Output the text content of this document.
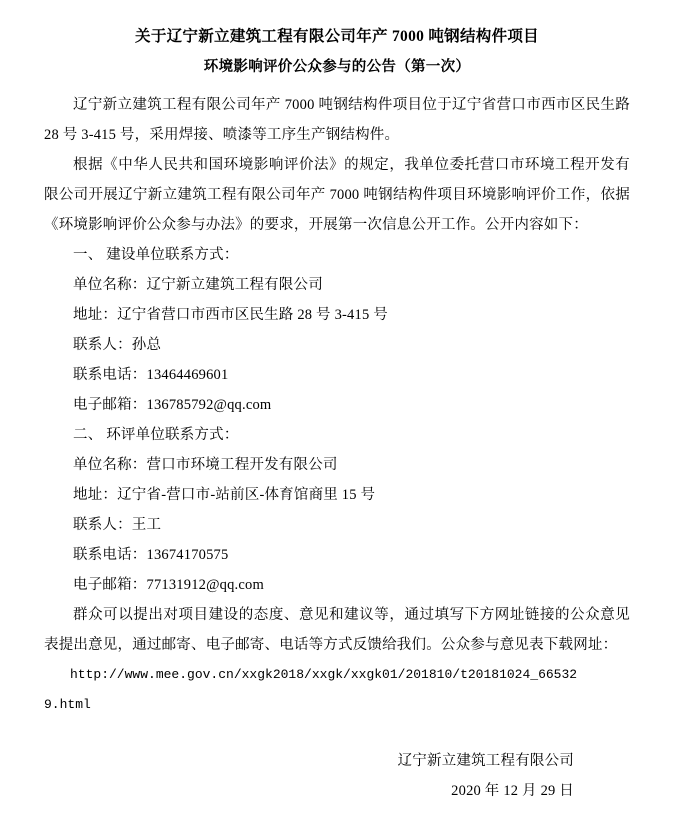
关于辽宁新立建筑工程有限公司年产 7000 吨钢结构件项目
环境影响评价公众参与的公告（第一次）

辽宁新立建筑工程有限公司年产 7000 吨钢结构件项目位于辽宁省营口市西市区民生路 28 号 3-415 号，采用焊接、喷漆等工序生产钢结构件。

根据《中华人民共和国环境影响评价法》的规定，我单位委托营口市环境工程开发有限公司开展辽宁新立建筑工程有限公司年产 7000 吨钢结构件项目环境影响评价工作，依据《环境影响评价公众参与办法》的要求，开展第一次信息公开工作。公开内容如下：

一、 建设单位联系方式：

单位名称：辽宁新立建筑工程有限公司

地址：辽宁省营口市西市区民生路 28 号 3-415 号

联系人：孙总

联系电话：13464469601

电子邮箱：136785792@qq.com

二、 环评单位联系方式：

单位名称：营口市环境工程开发有限公司

地址：辽宁省-营口市-站前区-体育馆商里 15 号

联系人：王工

联系电话：13674170575

电子邮箱：77131912@qq.com

群众可以提出对项目建设的态度、意见和建议等，通过填写下方网址链接的公众意见表提出意见，通过邮寄、电子邮寄、电话等方式反馈给我们。公众参与意见表下载网址：

http://www.mee.gov.cn/xxgk2018/xxgk/xxgk01/201810/t20181024_66532

9.html

辽宁新立建筑工程有限公司
2020 年 12 月 29 日
